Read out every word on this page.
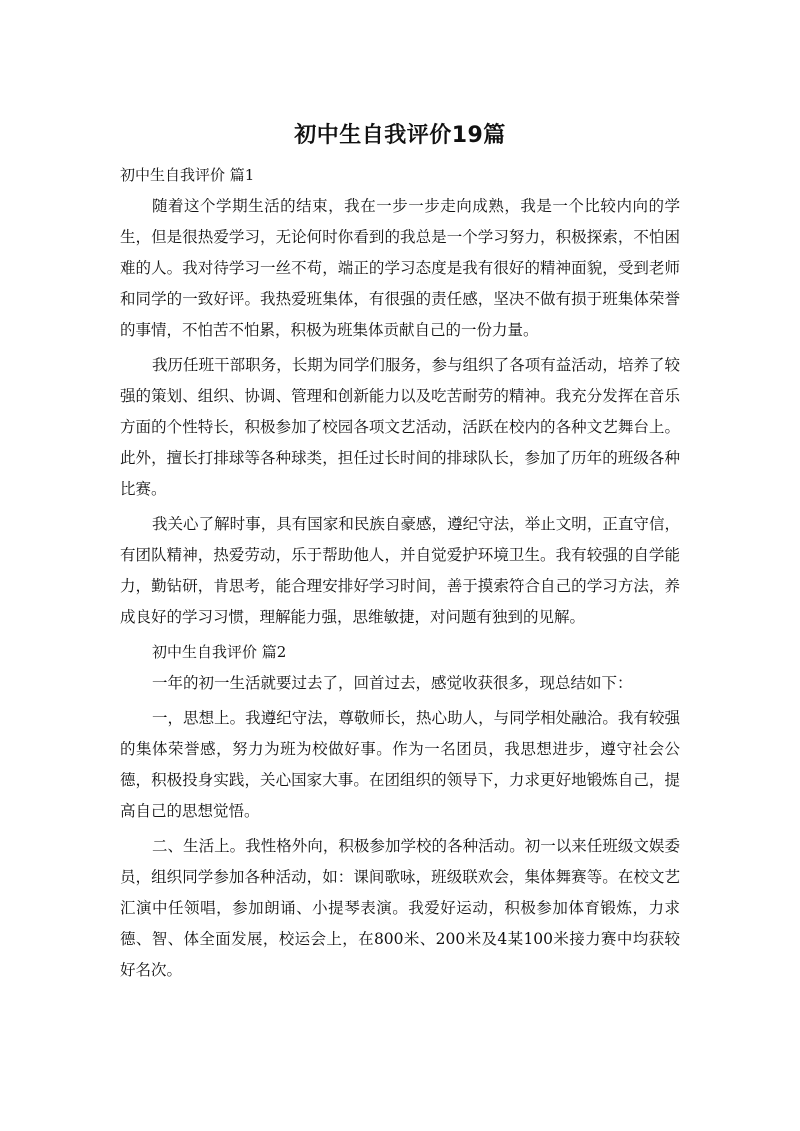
初中生自我评价19篇
初中生自我评价 篇1

随着这个学期生活的结束，我在一步一步走向成熟，我是一个比较内向的学生，但是很热爱学习，无论何时你看到的我总是一个学习努力，积极探索，不怕困难的人。我对待学习一丝不苟，端正的学习态度是我有很好的精神面貌，受到老师和同学的一致好评。我热爱班集体，有很强的责任感，坚决不做有损于班集体荣誉的事情，不怕苦不怕累，积极为班集体贡献自己的一份力量。

我历任班干部职务，长期为同学们服务，参与组织了各项有益活动，培养了较强的策划、组织、协调、管理和创新能力以及吃苦耐劳的精神。我充分发挥在音乐方面的个性特长，积极参加了校园各项文艺活动，活跃在校内的各种文艺舞台上。此外，擅长打排球等各种球类，担任过长时间的排球队长，参加了历年的班级各种比赛。

我关心了解时事，具有国家和民族自豪感，遵纪守法，举止文明，正直守信，有团队精神，热爱劳动，乐于帮助他人，并自觉爱护环境卫生。我有较强的自学能力，勤钻研，肯思考，能合理安排好学习时间，善于摸索符合自己的学习方法，养成良好的学习习惯，理解能力强，思维敏捷，对问题有独到的见解。

初中生自我评价 篇2

一年的初一生活就要过去了，回首过去，感觉收获很多，现总结如下：

一，思想上。我遵纪守法，尊敬师长，热心助人，与同学相处融洽。我有较强的集体荣誉感，努力为班为校做好事。作为一名团员，我思想进步，遵守社会公德，积极投身实践，关心国家大事。在团组织的领导下，力求更好地锻炼自己，提高自己的思想觉悟。

二、生活上。我性格外向，积极参加学校的各种活动。初一以来任班级文娱委员，组织同学参加各种活动，如：课间歌咏，班级联欢会，集体舞赛等。在校文艺汇演中任领唱，参加朗诵、小提琴表演。我爱好运动，积极参加体育锻炼，力求德、智、体全面发展，校运会上，在800米、200米及4某100米接力赛中均获较好名次。
